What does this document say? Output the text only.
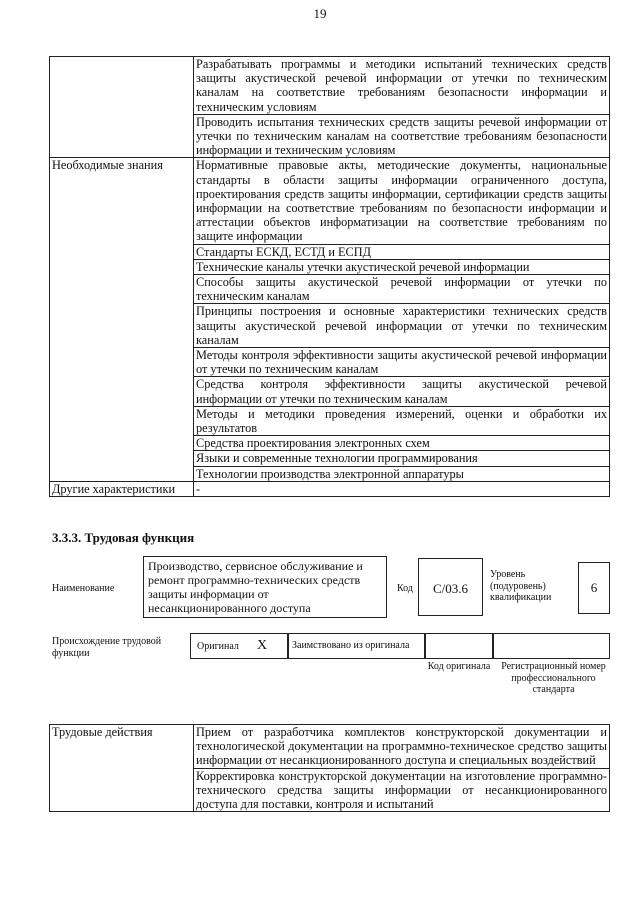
19
	Разрабатывать программы и методики испытаний технических средств защиты акустической речевой информации от утечки по техническим каналам на соответствие требованиям безопасности информации и техническим условиям
	Проводить испытания технических средств защиты речевой информации от утечки по техническим каналам на соответствие требованиям безопасности информации и техническим условиям
Необходимые знания	Нормативные правовые акты, методические документы, национальные стандарты в области защиты информации ограниченного доступа, проектирования средств защиты информации, сертификации средств защиты информации на соответствие требованиям по безопасности информации и аттестации объектов информатизации на соответствие требованиям по защите информации
	Стандарты ЕСКД, ЕСТД и ЕСПД
	Технические каналы утечки акустической речевой информации
	Способы защиты акустической речевой информации от утечки по техническим каналам
	Принципы построения и основные характеристики технических средств защиты акустической речевой информации от утечки по техническим каналам
	Методы контроля эффективности защиты акустической речевой информации от утечки по техническим каналам
	Средства контроля эффективности защиты акустической речевой информации от утечки по техническим каналам
	Методы и методики проведения измерений, оценки и обработки их результатов
	Средства проектирования электронных схем
	Языки и современные технологии программирования
	Технологии производства электронной аппаратуры
Другие характеристики	-
3.3.3. Трудовая функция
Наименование
Производство, сервисное обслуживание и ремонт программно-технических средств защиты информации от несанкционированного доступа
Код	С/03.6
Уровень (подуровень) квалификации
6
Происхождение трудовой функции
Оригинал X	Заимствовано из оригинала
Код оригинала	Регистрационный номер профессионального стандарта
Трудовые действия	Прием от разработчика комплектов конструкторской документации и технологической документации на программно-техническое средство защиты информации от несанкционированного доступа и специальных воздействий
Корректировка конструкторской документации на изготовление программно-технического средства защиты информации от несанкционированного доступа для поставки, контроля и испытаний
